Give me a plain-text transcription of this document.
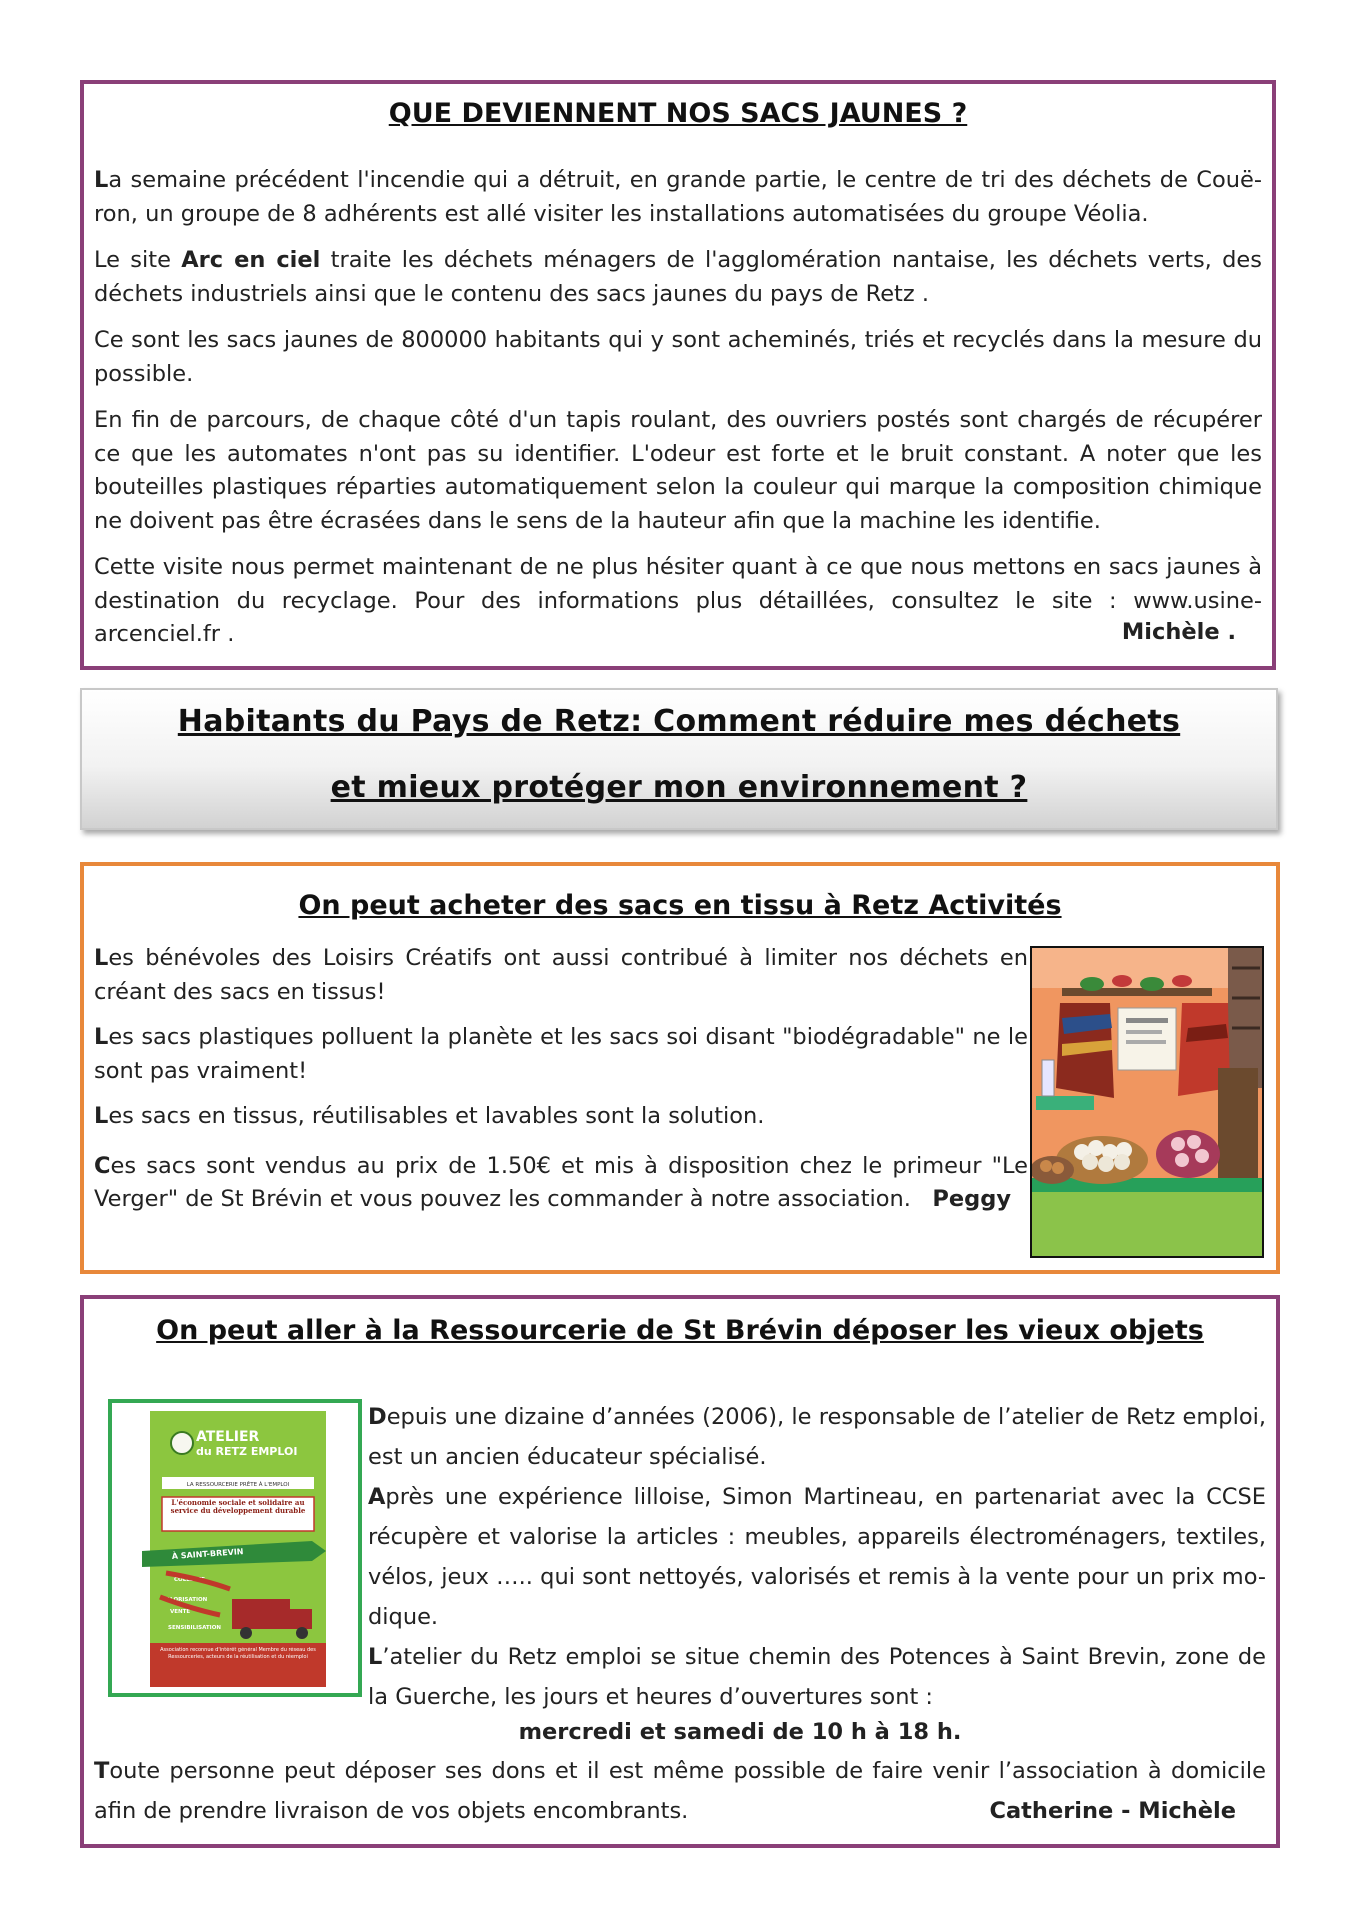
QUE DEVIENNENT NOS SACS JAUNES ?

La semaine précédent l'incendie qui a détruit, en grande partie, le centre de tri des déchets de Couë-ron, un groupe de 8 adhérents est allé visiter les installations automatisées du groupe Véolia.

Le site Arc en ciel traite les déchets ménagers de l'agglomération nantaise, les déchets verts, des déchets industriels ainsi que le contenu des sacs jaunes du pays de Retz .

Ce sont les sacs jaunes de 800000 habitants qui y sont acheminés, triés et recyclés dans la mesure du possible.

En fin de parcours, de chaque côté d'un tapis roulant, des ouvriers postés sont chargés de récupérer ce que les automates n'ont pas su identifier. L'odeur est forte et le bruit constant. A noter que les bouteilles plastiques réparties automatiquement selon la couleur qui marque la composition chimique ne doivent pas être écrasées dans le sens de la hauteur afin que la machine les identifie.

Cette visite nous permet maintenant de ne plus hésiter quant à ce que nous mettons en sacs jaunes à destination du recyclage. Pour des informations plus détaillées, consultez le site : www.usine-arcenciel.fr .	Michèle .
Habitants du Pays de Retz: Comment réduire mes déchets
et mieux protéger mon environnement ?
On peut acheter des sacs en tissu à Retz Activités

Les bénévoles des Loisirs Créatifs ont aussi contribué à limiter nos déchets en créant des sacs en tissus!

Les sacs plastiques polluent la planète et les sacs soi disant "biodégradable" ne le sont pas vraiment!

Les sacs en tissus, réutilisables et lavables sont la solution.

Ces sacs sont vendus au prix de 1.50€ et mis à disposition chez le primeur "Le Verger" de St Brévin et vous pouvez les commander à notre association. Peggy

On peut aller à la Ressourcerie de St Brévin déposer les vieux objets
ATELIER
du RETZ EMPLOI
LA RESSOURCERIE PRÊTE À L'EMPLOI
L'économie sociale et solidaire au service du développement durable
À SAINT-BREVIN
COLLECTE
VALORISATION
VENTE
SENSIBILISATION
Association reconnue d'intérêt général Membre du réseau des Ressourceries, acteurs de la réutilisation et du réemploi

Depuis une dizaine d’années (2006), le responsable de l’atelier de Retz emploi, est un ancien éducateur spécialisé.

Après une expérience lilloise, Simon Martineau, en partenariat avec la CCSE récupère et valorise la articles : meubles, appareils électroménagers, textiles, vélos, jeux ….. qui sont nettoyés, valorisés et remis à la vente pour un prix mo-dique.

L’atelier du Retz emploi se situe chemin des Potences à Saint Brevin, zone de la Guerche, les jours et heures d’ouvertures sont :

mercredi et samedi de 10 h à 18 h.

Toute personne peut déposer ses dons et il est même possible de faire venir l’association à domicile afin de prendre livraison de vos objets encombrants.	Catherine - Michèle
